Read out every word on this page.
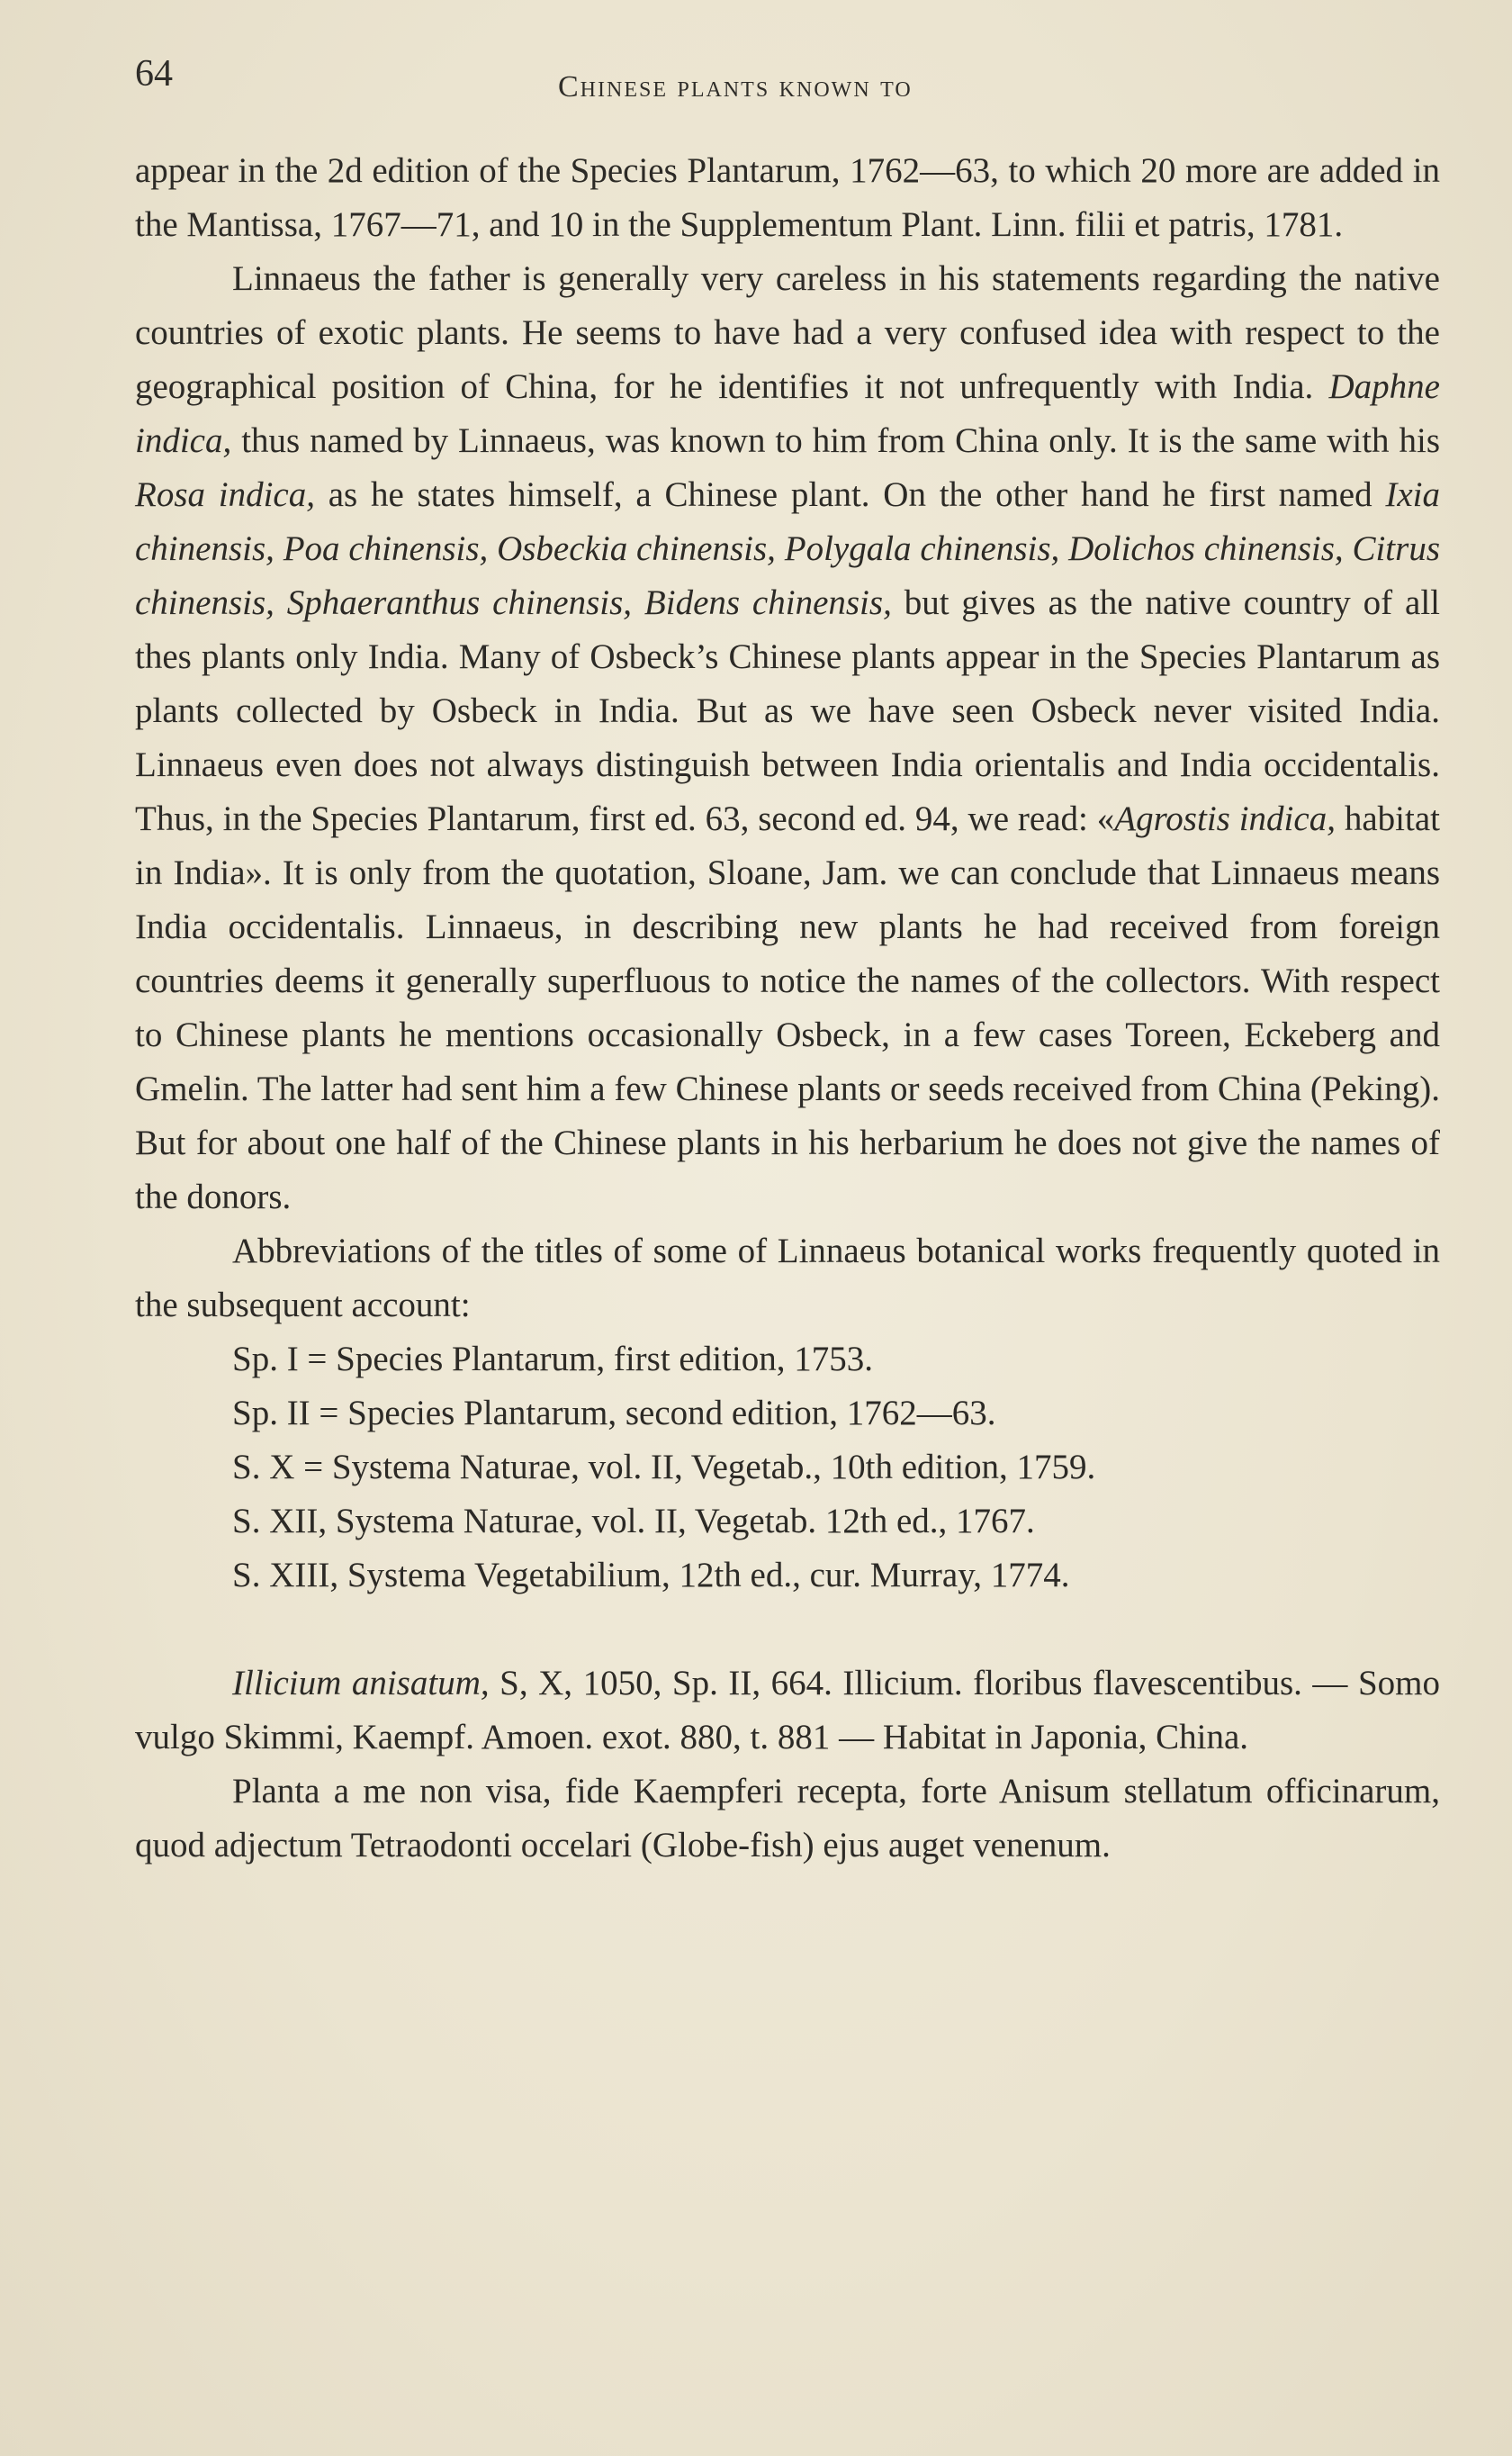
64	Chinese plants known to

appear in the 2d edition of the Species Plantarum, 1762—63, to which 20 more are added in the Mantissa, 1767—71, and 10 in the Supplementum Plant. Linn. filii et patris, 1781.

Linnaeus the father is generally very careless in his statements regarding the native countries of exotic plants. He seems to have had a very confused idea with respect to the geographical position of China, for he identifies it not unfrequently with India. Daphne indica, thus named by Linnaeus, was known to him from China only. It is the same with his Rosa indica, as he states himself, a Chinese plant. On the other hand he first named Ixia chinensis, Poa chinensis, Osbeckia chinensis, Polygala chinensis, Dolichos chinensis, Citrus chinensis, Sphaeranthus chinensis, Bidens chinensis, but gives as the native country of all thes plants only India. Many of Osbeck’s Chinese plants appear in the Species Plantarum as plants collected by Osbeck in India. But as we have seen Osbeck never visited India. Linnaeus even does not always distinguish between India orientalis and India occidentalis. Thus, in the Species Plantarum, first ed. 63, second ed. 94, we read: «Agrostis indica, habitat in India». It is only from the quotation, Sloane, Jam. we can conclude that Linnaeus means India occidentalis. Linnaeus, in describing new plants he had received from foreign countries deems it generally superfluous to notice the names of the collectors. With respect to Chinese plants he mentions occasionally Osbeck, in a few cases Toreen, Eckeberg and Gmelin. The latter had sent him a few Chinese plants or seeds received from China (Peking). But for about one half of the Chinese plants in his herbarium he does not give the names of the donors.

Abbreviations of the titles of some of Linnaeus botanical works frequently quoted in the subsequent account:

Sp. I = Species Plantarum, first edition, 1753.
Sp. II = Species Plantarum, second edition, 1762—63.
S. X = Systema Naturae, vol. II, Vegetab., 10th edition, 1759.
S. XII, Systema Naturae, vol. II, Vegetab. 12th ed., 1767.
S. XIII, Systema Vegetabilium, 12th ed., cur. Murray, 1774.

Illicium anisatum, S, X, 1050, Sp. II, 664. Illicium. floribus flavescentibus. — Somo vulgo Skimmi, Kaempf. Amoen. exot. 880, t. 881 — Habitat in Japonia, China.

Planta a me non visa, fide Kaempferi recepta, forte Anisum stellatum officinarum, quod adjectum Tetraodonti occelari (Globe-fish) ejus auget venenum.
